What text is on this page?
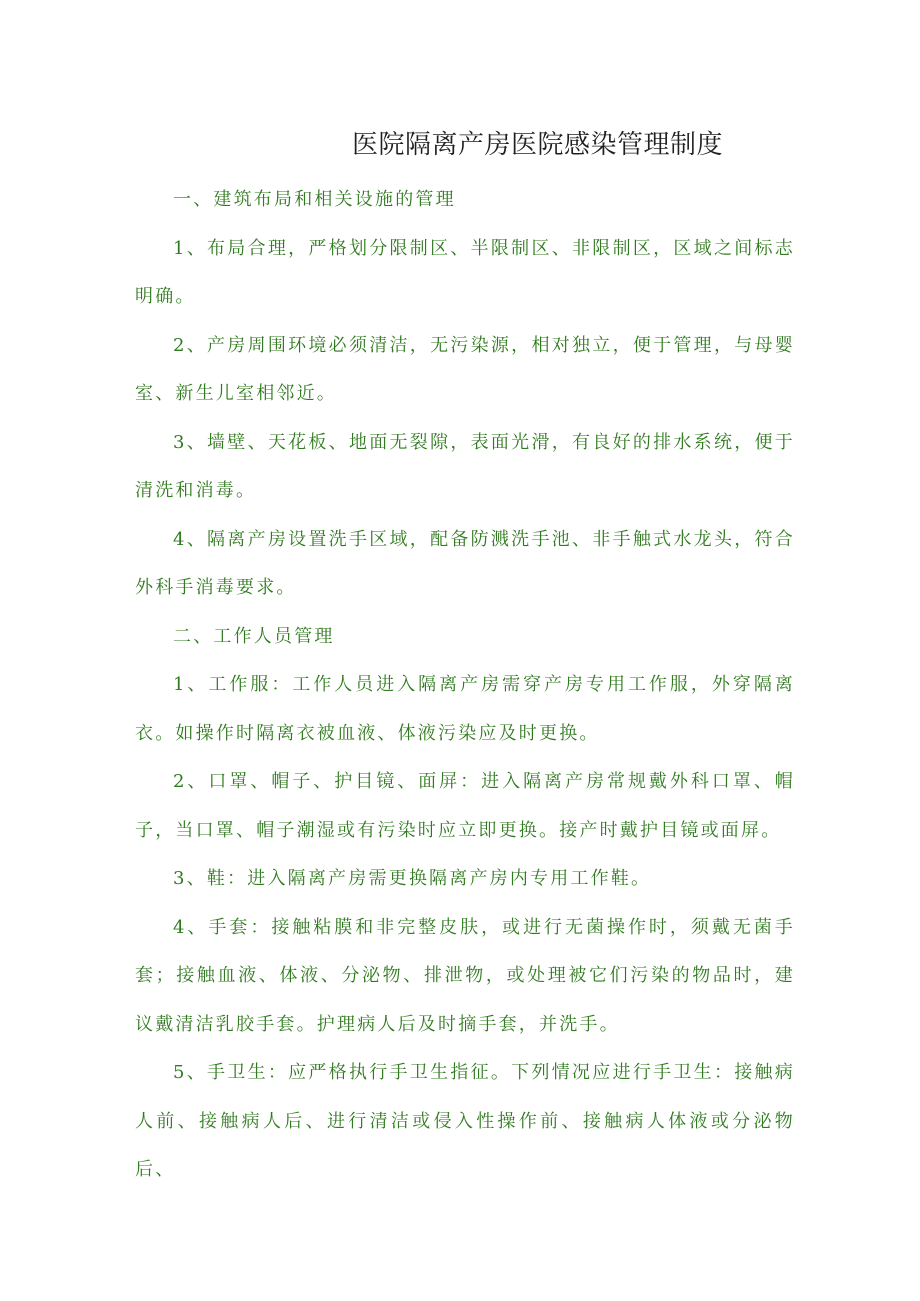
医院隔离产房医院感染管理制度

一、建筑布局和相关设施的管理

1、布局合理，严格划分限制区、半限制区、非限制区，区域之间标志明确。

2、产房周围环境必须清洁，无污染源，相对独立，便于管理，与母婴室、新生儿室相邻近。

3、墙壁、天花板、地面无裂隙，表面光滑，有良好的排水系统，便于清洗和消毒。

4、隔离产房设置洗手区域，配备防溅洗手池、非手触式水龙头，符合外科手消毒要求。

二、工作人员管理

1、工作服：工作人员进入隔离产房需穿产房专用工作服，外穿隔离衣。如操作时隔离衣被血液、体液污染应及时更换。

2、口罩、帽子、护目镜、面屏：进入隔离产房常规戴外科口罩、帽子，当口罩、帽子潮湿或有污染时应立即更换。接产时戴护目镜或面屏。

3、鞋：进入隔离产房需更换隔离产房内专用工作鞋。

4、手套：接触粘膜和非完整皮肤，或进行无菌操作时，须戴无菌手套；接触血液、体液、分泌物、排泄物，或处理被它们污染的物品时，建议戴清洁乳胶手套。护理病人后及时摘手套，并洗手。

5、手卫生：应严格执行手卫生指征。下列情况应进行手卫生：接触病人前、接触病人后、进行清洁或侵入性操作前、接触病人体液或分泌物后、
